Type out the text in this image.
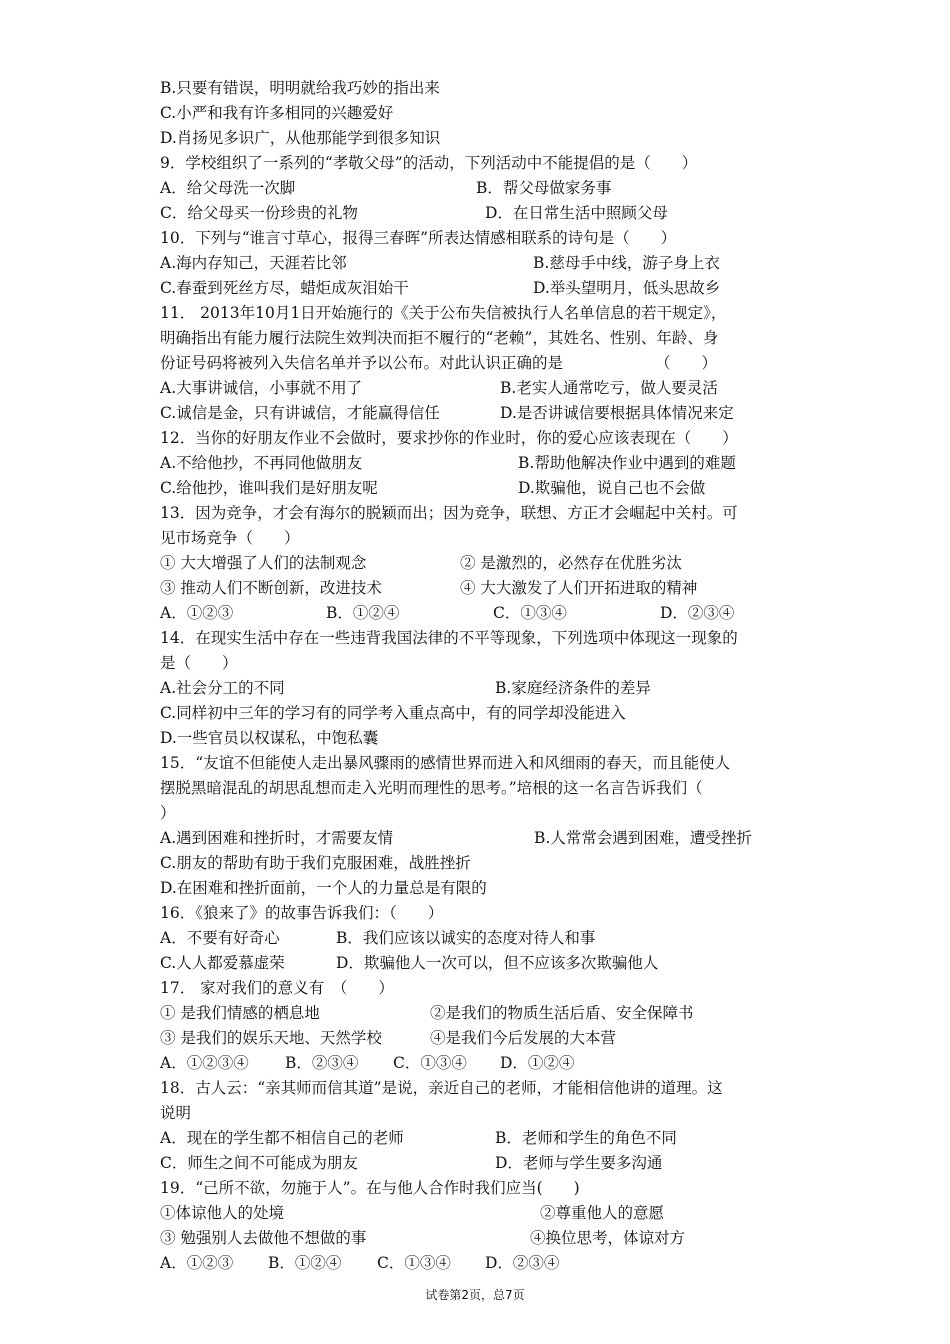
B.只要有错误，明明就给我巧妙的指出来
C.小严和我有许多相同的兴趣爱好
D.肖扬见多识广，从他那能学到很多知识
9．学校组织了一系列的“孝敬父母”的活动，下列活动中不能提倡的是（　　）
A．给父母洗一次脚	B．帮父母做家务事
C．给父母买一份珍贵的礼物	D．在日常生活中照顾父母
10．下列与“谁言寸草心，报得三春晖”所表达情感相联系的诗句是（　　）
A.海内存知己，天涯若比邻	B.慈母手中线，游子身上衣
C.春蚕到死丝方尽，蜡炬成灰泪始干	D.举头望明月，低头思故乡
11． 2013年10月1日开始施行的《关于公布失信被执行人名单信息的若干规定》，
明确指出有能力履行法院生效判决而拒不履行的“老赖”，其姓名、性别、年龄、身
份证号码将被列入失信名单并予以公布。对此认识正确的是	（　　）
A.大事讲诚信，小事就不用了	B.老实人通常吃亏，做人要灵活
C.诚信是金，只有讲诚信，才能赢得信任	D.是否讲诚信要根据具体情况来定
12．当你的好朋友作业不会做时，要求抄你的作业时，你的爱心应该表现在（　　）
A.不给他抄，不再同他做朋友	B.帮助他解决作业中遇到的难题
C.给他抄，谁叫我们是好朋友呢	D.欺骗他，说自己也不会做
13．因为竞争，才会有海尔的脱颖而出；因为竞争，联想、方正才会崛起中关村。可
见市场竞争（　　）
① 大大增强了人们的法制观念	② 是激烈的，必然存在优胜劣汰
③ 推动人们不断创新，改进技术	④ 大大激发了人们开拓进取的精神
A．①②③	B．①②④	C．①③④	D．②③④
14．在现实生活中存在一些违背我国法律的不平等现象，下列选项中体现这一现象的
是（　　）
A.社会分工的不同	B.家庭经济条件的差异
C.同样初中三年的学习有的同学考入重点高中，有的同学却没能进入
D.一些官员以权谋私，中饱私囊
15．“友谊不但能使人走出暴风骤雨的感情世界而进入和风细雨的春天，而且能使人
摆脱黑暗混乱的胡思乱想而走入光明而理性的思考。”培根的这一名言告诉我们（
）
A.遇到困难和挫折时，才需要友情	B.人常常会遇到困难，遭受挫折
C.朋友的帮助有助于我们克服困难，战胜挫折
D.在困难和挫折面前，一个人的力量总是有限的
16．《狼来了》的故事告诉我们：（　　）
A．不要有好奇心	B．我们应该以诚实的态度对待人和事
C.人人都爱慕虚荣	D．欺骗他人一次可以，但不应该多次欺骗他人
17． 家对我们的意义有　（　　）
① 是我们情感的栖息地	②是我们的物质生活后盾、安全保障书
③ 是我们的娱乐天地、天然学校	④是我们今后发展的大本营
A．①②③④ B．②③④ C．①③④ D．①②④
18．古人云：“亲其师而信其道”是说，亲近自己的老师，才能相信他讲的道理。这
说明
A．现在的学生都不相信自己的老师	B．老师和学生的角色不同
C．师生之间不可能成为朋友	D．老师与学生要多沟通
19．“己所不欲，勿施于人”。在与他人合作时我们应当(　　)
①体谅他人的处境	②尊重他人的意愿
③ 勉强别人去做他不想做的事	④换位思考，体谅对方
A．①②③ B．①②④ C．①③④ D．②③④
试卷第2页，总7页
